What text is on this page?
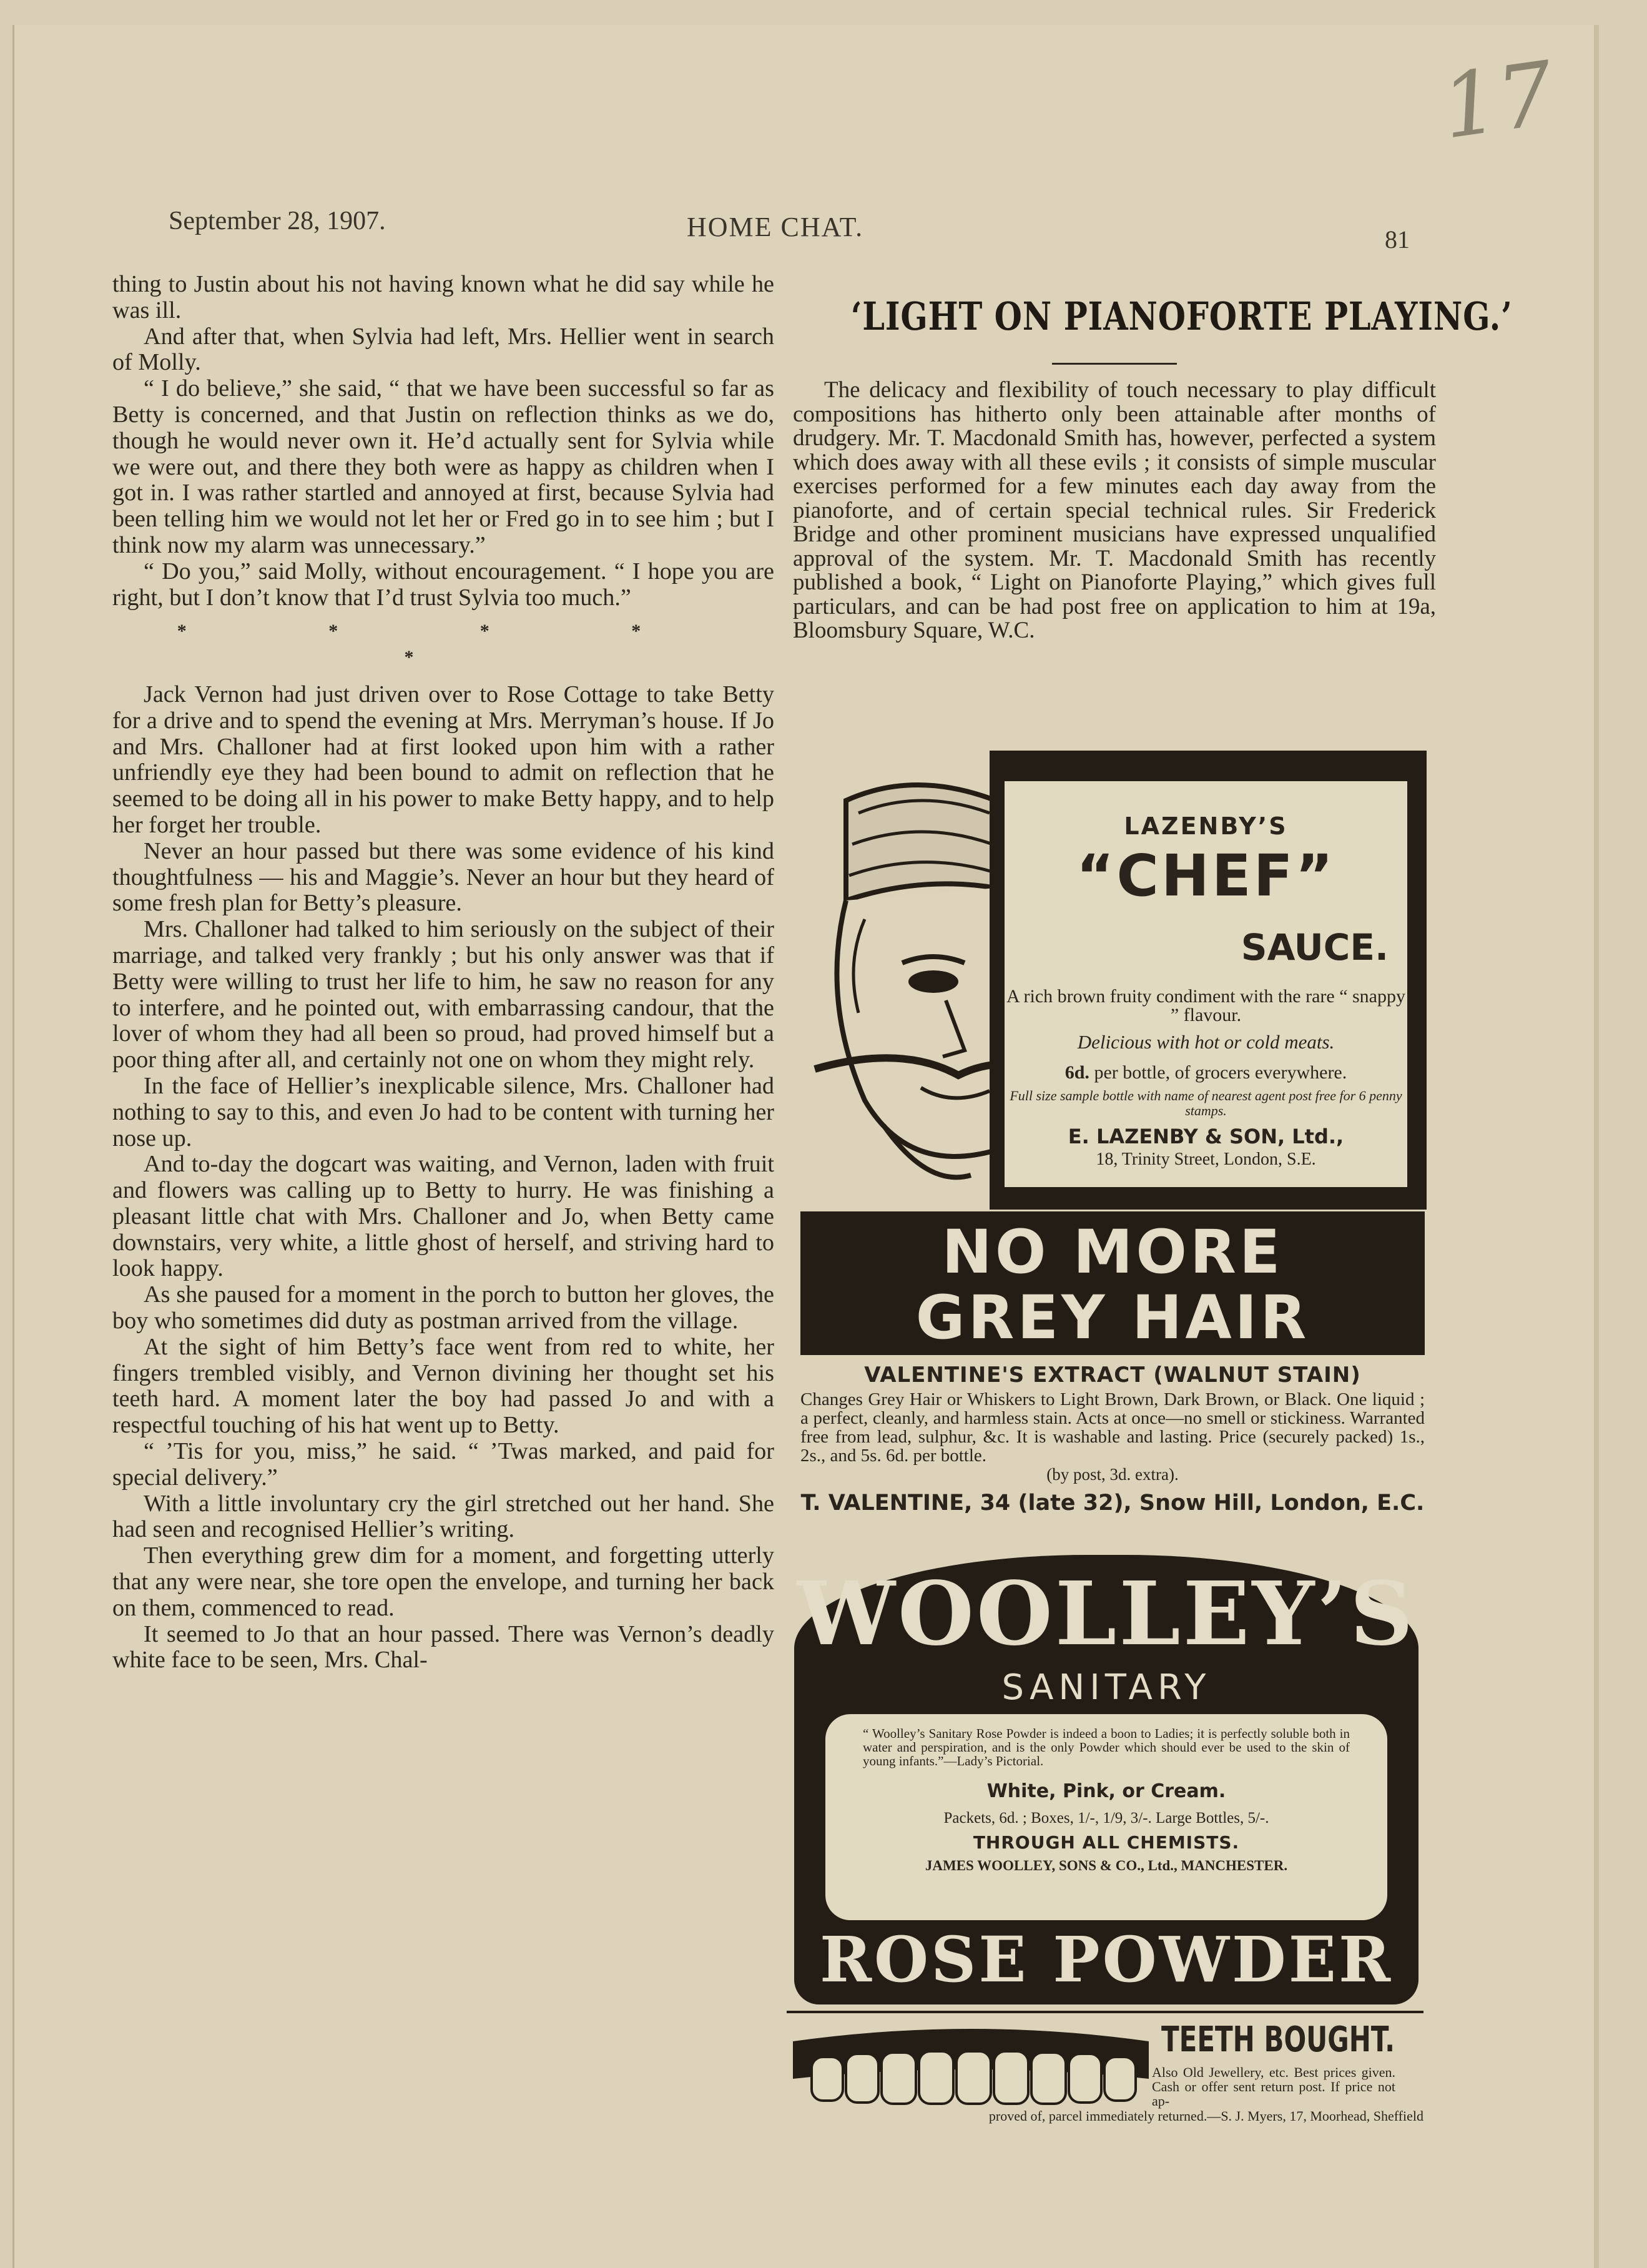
17
September 28, 1907.	HOME CHAT.	81

thing to Justin about his not having known what he did say while he was ill.

And after that, when Sylvia had left, Mrs. Hellier went in search of Molly.

“ I do believe,” she said, “ that we have been successful so far as Betty is concerned, and that Justin on reflection thinks as we do, though he would never own it. He’d actually sent for Sylvia while we were out, and there they both were as happy as children when I got in. I was rather startled and annoyed at first, because Sylvia had been telling him we would not let her or Fred go in to see him ; but I think now my alarm was unnecessary.”

“ Do you,” said Molly, without encouragement. “ I hope you are right, but I don’t know that I’d trust Sylvia too much.”

* * * * *

Jack Vernon had just driven over to Rose Cottage to take Betty for a drive and to spend the evening at Mrs. Merryman’s house. If Jo and Mrs. Challoner had at first looked upon him with a rather unfriendly eye they had been bound to admit on reflection that he seemed to be doing all in his power to make Betty happy, and to help her forget her trouble.

Never an hour passed but there was some evidence of his kind thoughtfulness — his and Maggie’s. Never an hour but they heard of some fresh plan for Betty’s pleasure.

Mrs. Challoner had talked to him seriously on the subject of their marriage, and talked very frankly ; but his only answer was that if Betty were willing to trust her life to him, he saw no reason for any to interfere, and he pointed out, with embarrassing candour, that the lover of whom they had all been so proud, had proved himself but a poor thing after all, and certainly not one on whom they might rely.

In the face of Hellier’s inexplicable silence, Mrs. Challoner had nothing to say to this, and even Jo had to be content with turning her nose up.

And to-day the dogcart was waiting, and Vernon, laden with fruit and flowers was calling up to Betty to hurry. He was finishing a pleasant little chat with Mrs. Challoner and Jo, when Betty came downstairs, very white, a little ghost of herself, and striving hard to look happy.

As she paused for a moment in the porch to button her gloves, the boy who sometimes did duty as postman arrived from the village.

At the sight of him Betty’s face went from red to white, her fingers trembled visibly, and Vernon divining her thought set his teeth hard. A moment later the boy had passed Jo and with a respectful touching of his hat went up to Betty.

“ ’Tis for you, miss,” he said. “ ’Twas marked, and paid for special delivery.”

With a little involuntary cry the girl stretched out her hand. She had seen and recognised Hellier’s writing.

Then everything grew dim for a moment, and forgetting utterly that any were near, she tore open the envelope, and turning her back on them, commenced to read.

It seemed to Jo that an hour passed. There was Vernon’s deadly white face to be seen, Mrs. Chal-

‘LIGHT ON PIANOFORTE PLAYING.’

The delicacy and flexibility of touch necessary to play difficult compositions has hitherto only been attainable after months of drudgery. Mr. T. Macdonald Smith has, however, perfected a system which does away with all these evils ; it consists of simple muscular exercises performed for a few minutes each day away from the pianoforte, and of certain special technical rules. Sir Frederick Bridge and other prominent musicians have expressed unqualified approval of the system. Mr. T. Macdonald Smith has recently published a book, “ Light on Pianoforte Playing,” which gives full particulars, and can be had post free on application to him at 19a, Bloomsbury Square, W.C.

LAZENBY’S
“CHEF”
SAUCE.
A rich brown fruity condiment with the rare “ snappy ” flavour.
Delicious with hot or cold meats.
6d. per bottle, of grocers everywhere.
Full size sample bottle with name of nearest agent post free for 6 penny stamps.
E. LAZENBY & SON, Ltd.,
18, Trinity Street, London, S.E.
NO MORE
GREY HAIR
VALENTINE'S EXTRACT (WALNUT STAIN)
Changes Grey Hair or Whiskers to Light Brown, Dark Brown, or Black. One liquid ; a perfect, cleanly, and harmless stain. Acts at once—no smell or stickiness. Warranted free from lead, sulphur, &c. It is washable and lasting. Price (securely packed) 1s., 2s., and 5s. 6d. per bottle.
(by post, 3d. extra).
T. VALENTINE, 34 (late 32), Snow Hill, London, E.C.
WOOLLEY’S
SANITARY
“ Woolley’s Sanitary Rose Powder is indeed a boon to Ladies; it is perfectly soluble both in water and perspiration, and is the only Powder which should ever be used to the skin of young infants.”—Lady’s Pictorial.
White, Pink, or Cream.
Packets, 6d. ; Boxes, 1/-, 1/9, 3/-. Large Bottles, 5/-.
THROUGH ALL CHEMISTS.
JAMES WOOLLEY, SONS & CO., Ltd., MANCHESTER.
ROSE POWDER
TEETH BOUGHT.
Also Old Jewellery, etc. Best prices given. Cash or offer sent return post. If price not ap-
proved of, parcel immediately returned.—S. J. Myers, 17, Moorhead, Sheffield
